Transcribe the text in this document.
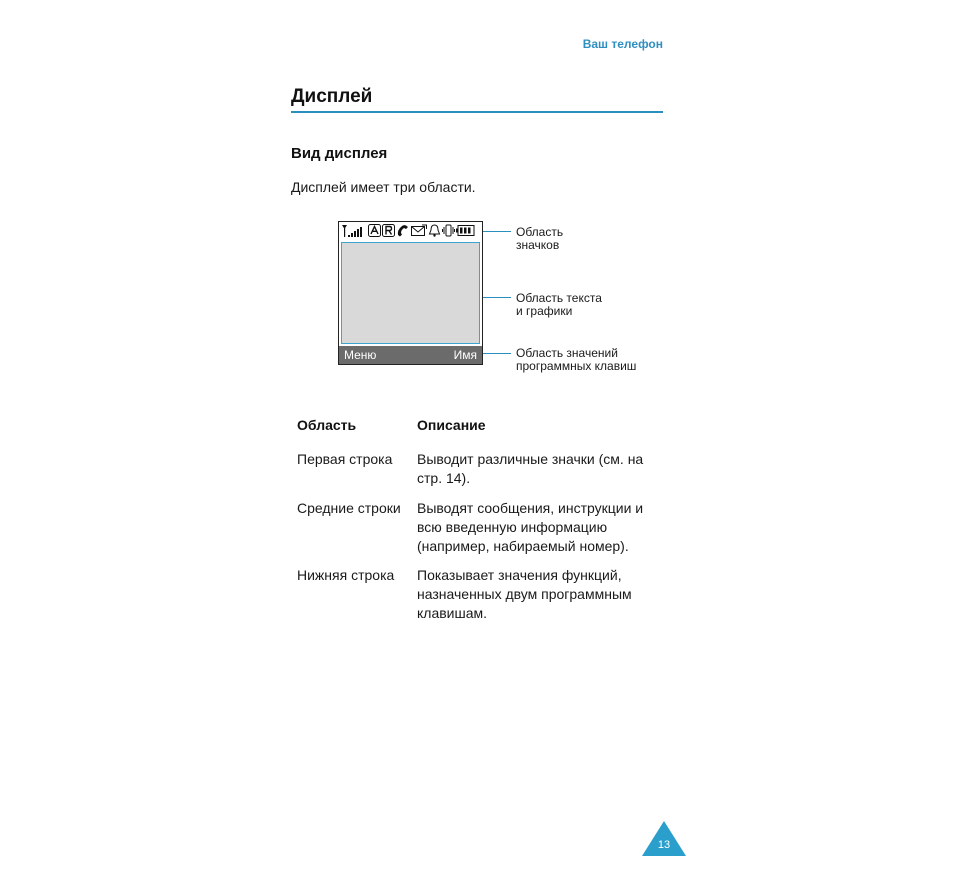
Ваш телефон
Дисплей
Вид дисплея
Дисплей имеет три области.
Меню	Имя
Область
значков
Область текста
и графики
Область значений
программных клавиш
Область	Описание
Первая строка Выводит различные значки (см. на
стр. 14).
Средние строки Выводят сообщения, инструкции и
всю введенную информацию
(например, набираемый номер).
Нижняя строка Показывает значения функций,
назначенных двум программным
клавишам.
13
